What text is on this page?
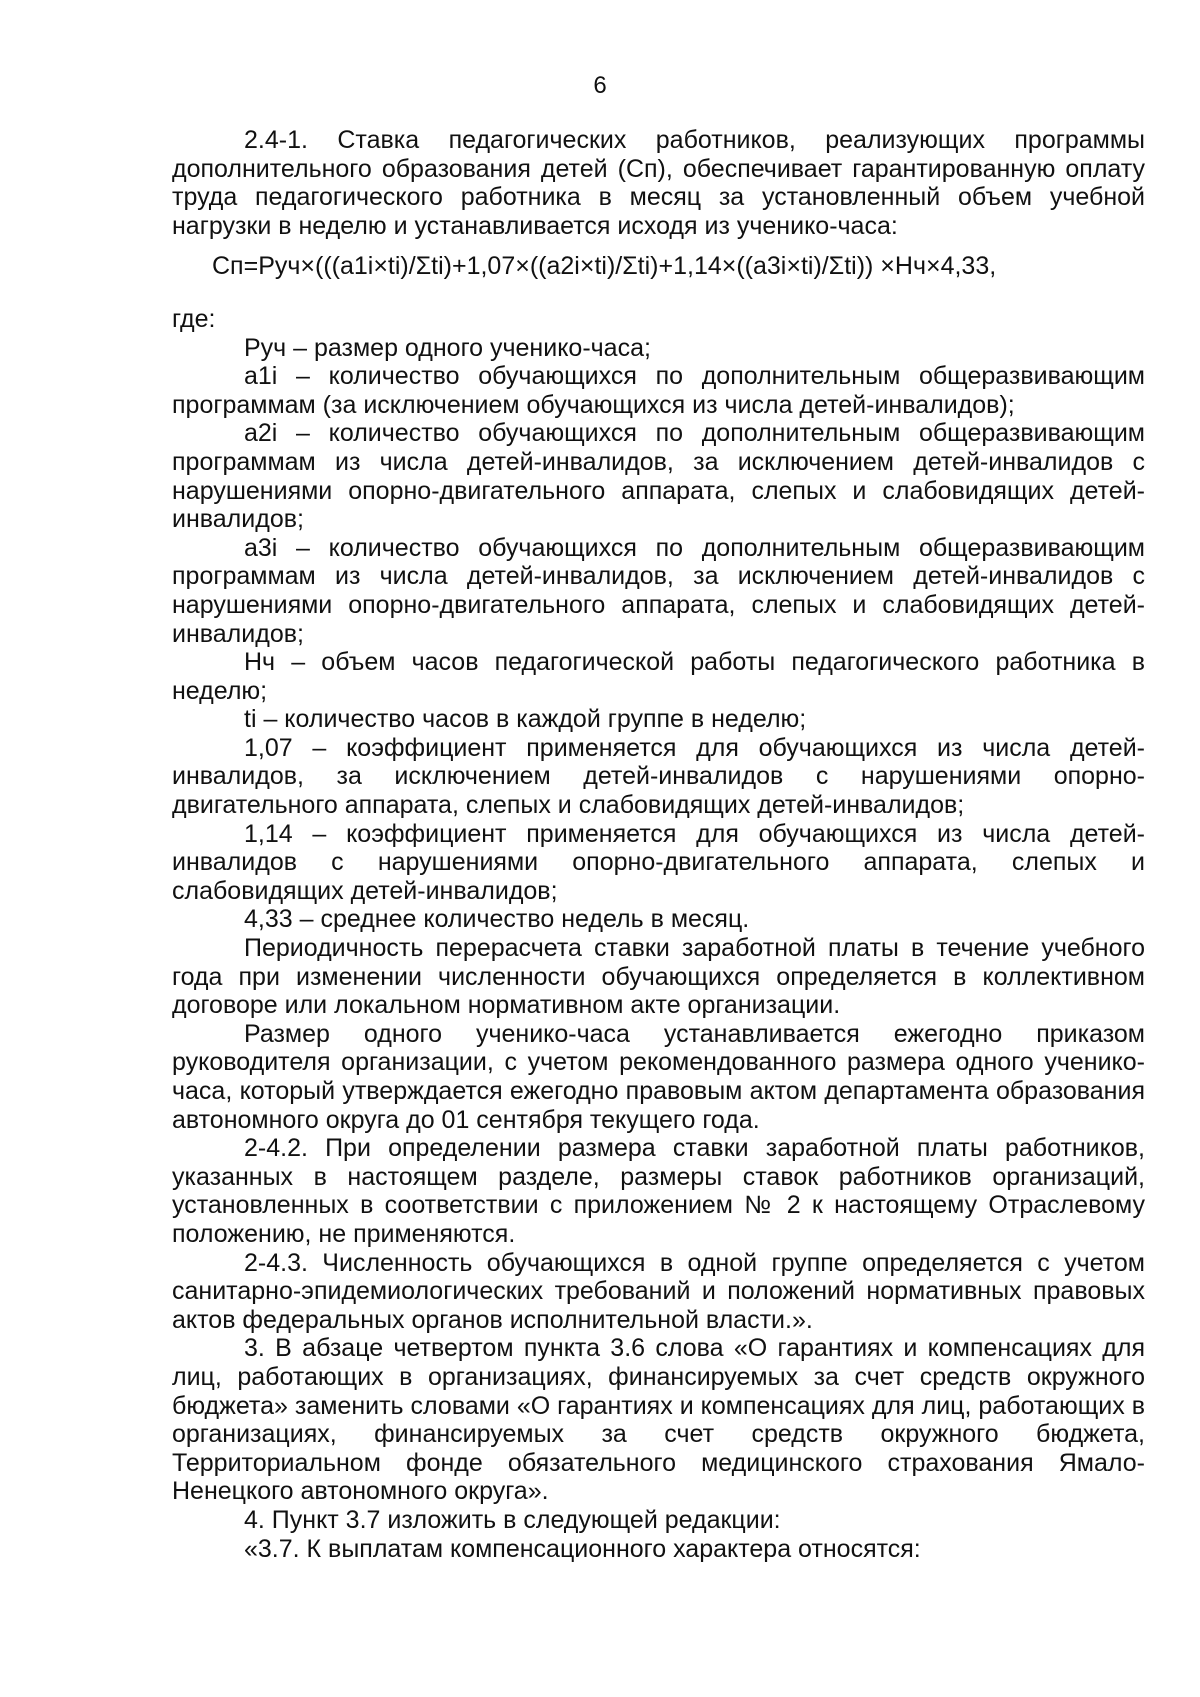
6

2.4-1. Ставка педагогических работников, реализующих программы дополнительного образования детей (Сп), обеспечивает гарантированную оплату труда педагогического работника в месяц за установленный объем учебной нагрузки в неделю и устанавливается исходя из ученико-часа:

Сп=Руч×(((а1i×ti)/Σti)+1,07×((а2i×ti)/Σti)+1,14×((а3i×ti)/Σti)) ×Нч×4,33,

где:

Руч – размер одного ученико-часа;

а1i – количество обучающихся по дополнительным общеразвивающим программам (за исключением обучающихся из числа детей-инвалидов);

а2i – количество обучающихся по дополнительным общеразвивающим программам из числа детей-инвалидов, за исключением детей-инвалидов с нарушениями опорно-двигательного аппарата, слепых и слабовидящих детей-инвалидов;

а3i – количество обучающихся по дополнительным общеразвивающим программам из числа детей-инвалидов, за исключением детей-инвалидов с нарушениями опорно-двигательного аппарата, слепых и слабовидящих детей-инвалидов;

Нч – объем часов педагогической работы педагогического работника в неделю;

ti – количество часов в каждой группе в неделю;

1,07 – коэффициент применяется для обучающихся из числа детей-инвалидов, за исключением детей-инвалидов с нарушениями опорно-двигательного аппарата, слепых и слабовидящих детей-инвалидов;

1,14 – коэффициент применяется для обучающихся из числа детей-инвалидов с нарушениями опорно-двигательного аппарата, слепых и слабовидящих детей-инвалидов;

4,33 – среднее количество недель в месяц.

Периодичность перерасчета ставки заработной платы в течение учебного года при изменении численности обучающихся определяется в коллективном договоре или локальном нормативном акте организации.

Размер одного ученико-часа устанавливается ежегодно приказом руководителя организации, с учетом рекомендованного размера одного ученико-часа, который утверждается ежегодно правовым актом департамента образования автономного округа до 01 сентября текущего года.

2-4.2. При определении размера ставки заработной платы работников, указанных в настоящем разделе, размеры ставок работников организаций, установленных в соответствии с приложением № 2 к настоящему Отраслевому положению, не применяются.

2-4.3. Численность обучающихся в одной группе определяется с учетом санитарно-эпидемиологических требований и положений нормативных правовых актов федеральных органов исполнительной власти.».

3. В абзаце четвертом пункта 3.6 слова «О гарантиях и компенсациях для лиц, работающих в организациях, финансируемых за счет средств окружного бюджета» заменить словами «О гарантиях и компенсациях для лиц, работающих в организациях, финансируемых за счет средств окружного бюджета, Территориальном фонде обязательного медицинского страхования Ямало-Ненецкого автономного округа».

4. Пункт 3.7 изложить в следующей редакции:

«3.7. К выплатам компенсационного характера относятся:
